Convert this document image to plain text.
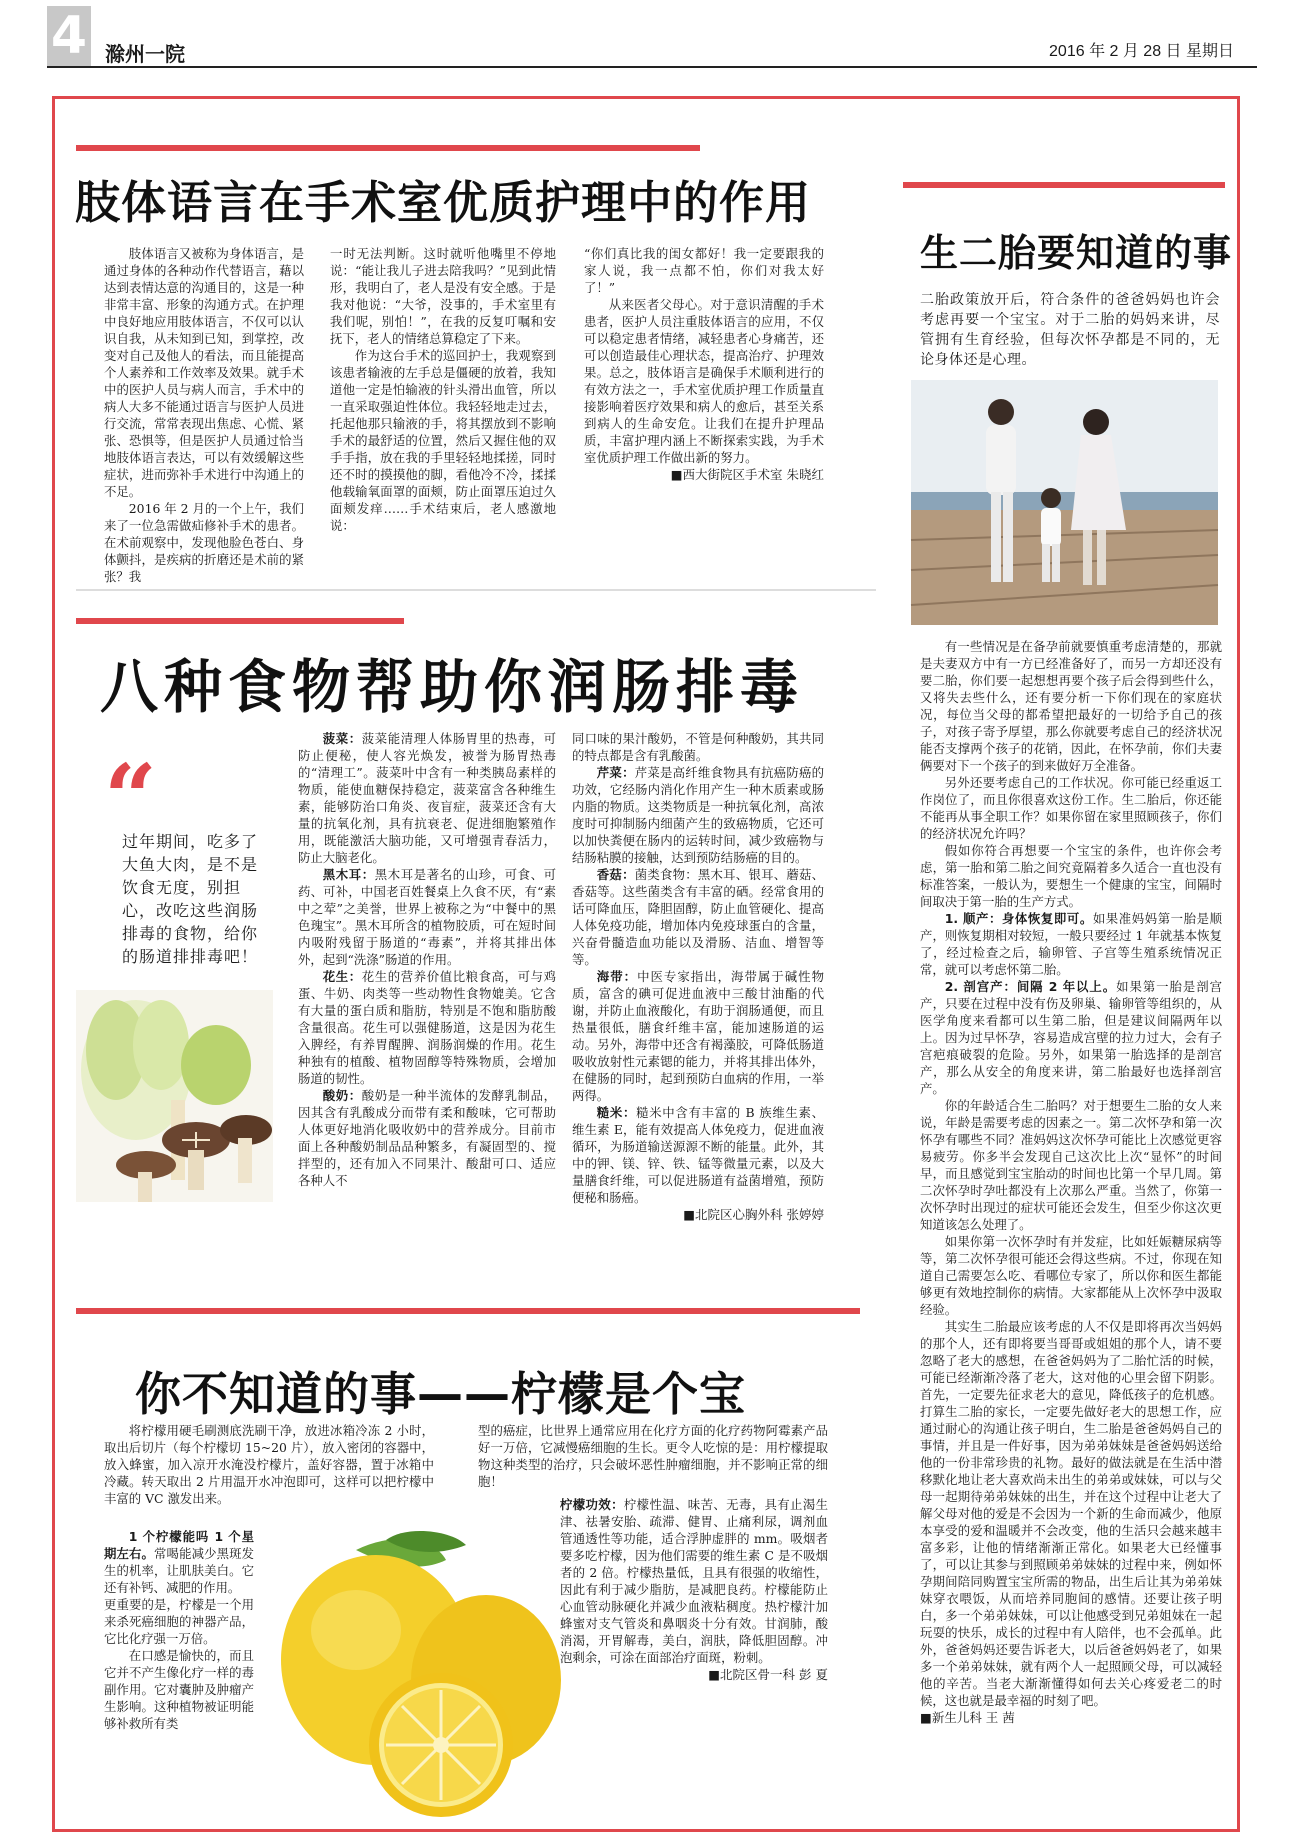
4 滁州一院	2016 年 2 月 28 日 星期日
肢体语言在手术室优质护理中的作用

肢体语言又被称为身体语言，是通过身体的各种动作代替语言，藉以达到表情达意的沟通目的，这是一种非常丰富、形象的沟通方式。在护理中良好地应用肢体语言，不仅可以认识自我，从未知到已知，到掌控，改变对自己及他人的看法，而且能提高个人素养和工作效率及效果。就手术中的医护人员与病人而言，手术中的病人大多不能通过语言与医护人员进行交流，常常表现出焦虑、心慌、紧张、恐惧等，但是医护人员通过恰当地肢体语言表达，可以有效缓解这些症状，进而弥补手术进行中沟通上的不足。

2016 年 2 月的一个上午，我们来了一位急需做疝修补手术的患者。在术前观察中，发现他脸色苍白、身体颤抖，是疾病的折磨还是术前的紧张？我

一时无法判断。这时就听他嘴里不停地说：“能让我儿子进去陪我吗？”见到此情形，我明白了，老人是没有安全感。于是我对他说：“大爷，没事的，手术室里有我们呢，别怕！”，在我的反复叮嘱和安抚下，老人的情绪总算稳定了下来。

作为这台手术的巡回护士，我观察到该患者输液的左手总是僵硬的放着，我知道他一定是怕输液的针头滑出血管，所以一直采取强迫性体位。我轻轻地走过去，托起他那只输液的手，将其摆放到不影响手术的最舒适的位置，然后又握住他的双手手指，放在我的手里轻轻地揉搓，同时还不时的摸摸他的脚，看他冷不冷，揉揉他载输氧面罩的面颊，防止面罩压迫过久面颊发痒……手术结束后，老人感激地说：

“你们真比我的闺女都好！我一定要跟我的家人说，我一点都不怕，你们对我太好了！”

从来医者父母心。对于意识清醒的手术患者，医护人员注重肢体语言的应用，不仅可以稳定患者情绪，减轻患者心身痛苦，还可以创造最佳心理状态，提高治疗、护理效果。总之，肢体语言是确保手术顺利进行的有效方法之一，手术室优质护理工作质量直接影响着医疗效果和病人的愈后，甚至关系到病人的生命安危。让我们在提升护理品质，丰富护理内涵上不断探索实践，为手术室优质护理工作做出新的努力。

■西大街院区手术室 朱晓红

八种食物帮助你润肠排毒
“
过年期间，吃多了大鱼大肉，是不是饮食无度，别担心，改吃这些润肠排毒的食物，给你的肠道排排毒吧！

菠菜：菠菜能清理人体肠胃里的热毒，可防止便秘，使人容光焕发，被誉为肠胃热毒的“清理工”。菠菜叶中含有一种类胰岛素样的物质，能使血糖保持稳定，菠菜富含各种维生素，能够防治口角炎、夜盲症，菠菜还含有大量的抗氧化剂，具有抗衰老、促进细胞繁殖作用，既能激活大脑功能，又可增强青春活力，防止大脑老化。

黑木耳：黑木耳是著名的山珍，可食、可药、可补，中国老百姓餐桌上久食不厌，有“素中之荤”之美誉，世界上被称之为“中餐中的黑色瑰宝”。黑木耳所含的植物胶质，可在短时间内吸附残留于肠道的“毒素”，并将其排出体外，起到“洗涤”肠道的作用。

花生：花生的营养价值比粮食高，可与鸡蛋、牛奶、肉类等一些动物性食物媲美。它含有大量的蛋白质和脂肪，特别是不饱和脂肪酸含量很高。花生可以强健肠道，这是因为花生入脾经，有养胃醒脾、润肠润燥的作用。花生种独有的植酸、植物固醇等特殊物质，会增加肠道的韧性。

酸奶：酸奶是一种半流体的发酵乳制品，因其含有乳酸成分而带有柔和酸味，它可帮助人体更好地消化吸收奶中的营养成分。目前市面上各种酸奶制品品种繁多，有凝固型的、搅拌型的，还有加入不同果汁、酸甜可口、适应各种人不

同口味的果汁酸奶，不管是何种酸奶，其共同的特点都是含有乳酸菌。

芹菜：芹菜是高纤维食物具有抗癌防癌的功效，它经肠内消化作用产生一种木质素或肠内脂的物质。这类物质是一种抗氧化剂，高浓度时可抑制肠内细菌产生的致癌物质，它还可以加快粪便在肠内的运转时间，减少致癌物与结肠粘膜的接触，达到预防结肠癌的目的。

香菇：菌类食物：黑木耳、银耳、蘑菇、香菇等。这些菌类含有丰富的硒。经常食用的话可降血压，降胆固醇，防止血管硬化、提高人体免疫功能，增加体内免疫球蛋白的含量，兴奋骨髓造血功能以及滑肠、洁血、增智等等。

海带：中医专家指出，海带属于碱性物质，富含的碘可促进血液中三酸甘油酯的代谢，并防止血液酸化，有助于润肠通便，而且热量很低，膳食纤维丰富，能加速肠道的运动。另外，海带中还含有褐藻胶，可降低肠道吸收放射性元素锶的能力，并将其排出体外，在健肠的同时，起到预防白血病的作用，一举两得。

糙米：糙米中含有丰富的 B 族维生素、维生素 E，能有效提高人体免疫力，促进血液循环，为肠道输送源源不断的能量。此外，其中的钾、镁、锌、铁、锰等微量元素，以及大量膳食纤维，可以促进肠道有益菌增殖，预防便秘和肠癌。

■北院区心胸外科 张婷婷

你不知道的事——柠檬是个宝

将柠檬用硬毛刷测底洗刷干净，放进冰箱冷冻 2 小时，取出后切片（每个柠檬切 15~20 片），放入密闭的容器中，放入蜂蜜，加入凉开水淹没柠檬片，盖好容器，置于冰箱中冷藏。转天取出 2 片用温开水冲泡即可，这样可以把柠檬中丰富的 VC 激发出来。

1 个柠檬能吗 1 个星期左右。常喝能减少黑斑发生的机率，让肌肤美白。它还有补钙、减肥的作用。

更重要的是，柠檬是一个用来杀死癌细胞的神器产品，它比化疗强一万倍。

在口感是愉快的，而且它并不产生像化疗一样的毒副作用。它对囊肿及肿瘤产生影响。这种植物被证明能够补救所有类

型的癌症，比世界上通常应用在化疗方面的化疗药物阿霉素产品好一万倍，它减慢癌细胞的生长。更令人吃惊的是：用柠檬提取物这种类型的治疗，只会破坏恶性肿瘤细胞，并不影响正常的细胞！

柠檬功效：柠檬性温、味苦、无毒，具有止渴生津、祛暑安胎、疏滞、健胃、止痛利尿，调剂血管通透性等功能，适合浮肿虚胖的 mm。吸烟者要多吃柠檬，因为他们需要的维生素 C 是不吸烟者的 2 倍。柠檬热量低，且具有很强的收缩性，因此有利于减少脂肪，是减肥良药。柠檬能防止心血管动脉硬化并减少血液粘稠度。热柠檬汁加蜂蜜对支气管炎和鼻咽炎十分有效。甘润肺，酸消渴，开胃解毒，美白，润肤，降低胆固醇。冲泡剩余，可涂在面部治疗面斑，粉刺。

■北院区骨一科 彭 夏

生二胎要知道的事
二胎政策放开后，符合条件的爸爸妈妈也许会考虑再要一个宝宝。对于二胎的妈妈来讲，尽管拥有生育经验，但每次怀孕都是不同的，无论身体还是心理。

有一些情况是在备孕前就要慎重考虑清楚的，那就是夫妻双方中有一方已经准备好了，而另一方却还没有要二胎，你们要一起想想再要个孩子后会得到些什么，又将失去些什么，还有要分析一下你们现在的家庭状况，每位当父母的都希望把最好的一切给予自己的孩子，对孩子寄予厚望，那么你就要考虑自己的经济状况能否支撑两个孩子的花销，因此，在怀孕前，你们夫妻俩要对下一个孩子的到来做好万全准备。

另外还要考虑自己的工作状况。你可能已经重返工作岗位了，而且你很喜欢这份工作。生二胎后，你还能不能再从事全职工作？如果你留在家里照顾孩子，你们的经济状况允许吗？

假如你符合再想要一个宝宝的条件，也许你会考虑，第一胎和第二胎之间究竟隔着多久适合一直也没有标准答案，一般认为，要想生一个健康的宝宝，间隔时间取决于第一胎的生产方式。

1. 顺产：身体恢复即可。如果准妈妈第一胎是顺产，则恢复期相对较短，一般只要经过 1 年就基本恢复了，经过检查之后，输卵管、子宫等生殖系统情况正常，就可以考虑怀第二胎。

2. 剖宫产：间隔 2 年以上。如果第一胎是剖宫产，只要在过程中没有伤及卵巢、输卵管等组织的，从医学角度来看都可以生第二胎，但是建议间隔两年以上。因为过早怀孕，容易造成宫壁的拉力过大，会有子宫疤痕破裂的危险。另外，如果第一胎选择的是剖宫产，那么从安全的角度来讲，第二胎最好也选择剖宫产。

你的年龄适合生二胎吗？对于想要生二胎的女人来说，年龄是需要考虑的因素之一。第二次怀孕和第一次怀孕有哪些不同？准妈妈这次怀孕可能比上次感觉更容易疲劳。你多半会发现自己这次比上次“显怀”的时间早，而且感觉到宝宝胎动的时间也比第一个早几周。第二次怀孕时孕吐都没有上次那么严重。当然了，你第一次怀孕时出现过的症状可能还会发生，但至少你这次更知道该怎么处理了。

如果你第一次怀孕时有并发症，比如妊娠糖尿病等等，第二次怀孕很可能还会得这些病。不过，你现在知道自己需要怎么吃、看哪位专家了，所以你和医生都能够更有效地控制你的病情。大家都能从上次怀孕中汲取经验。

其实生二胎最应该考虑的人不仅是即将再次当妈妈的那个人，还有即将要当哥哥或姐姐的那个人，请不要忽略了老大的感想，在爸爸妈妈为了二胎忙活的时候，可能已经渐渐冷落了老大，这对他的心里会留下阴影。首先，一定要先征求老大的意见，降低孩子的危机感。打算生二胎的家长，一定要先做好老大的思想工作，应通过耐心的沟通让孩子明白，生二胎是爸爸妈妈自己的事情，并且是一件好事，因为弟弟妹妹是爸爸妈妈送给他的一份非常珍贵的礼物。最好的做法就是在生活中潜移默化地让老大喜欢尚未出生的弟弟或妹妹，可以与父母一起期待弟弟妹妹的出生，并在这个过程中让老大了解父母对他的爱是不会因为一个新的生命而减少，他原本享受的爱和温暖并不会改变，他的生活只会越来越丰富多彩，让他的情绪渐渐正常化。如果老大已经懂事了，可以让其参与到照顾弟弟妹妹的过程中来，例如怀孕期间陪同购置宝宝所需的物品，出生后让其为弟弟妹妹穿衣喂饭，从而培养同胞间的感情。还要让孩子明白，多一个弟弟妹妹，可以让他感受到兄弟姐妹在一起玩耍的快乐，成长的过程中有人陪伴，也不会孤单。此外，爸爸妈妈还要告诉老大，以后爸爸妈妈老了，如果多一个弟弟妹妹，就有两个人一起照顾父母，可以减轻他的辛苦。当老大渐渐懂得如何去关心疼爱老二的时候，这也就是最幸福的时刻了吧。

■新生儿科 王 茜
